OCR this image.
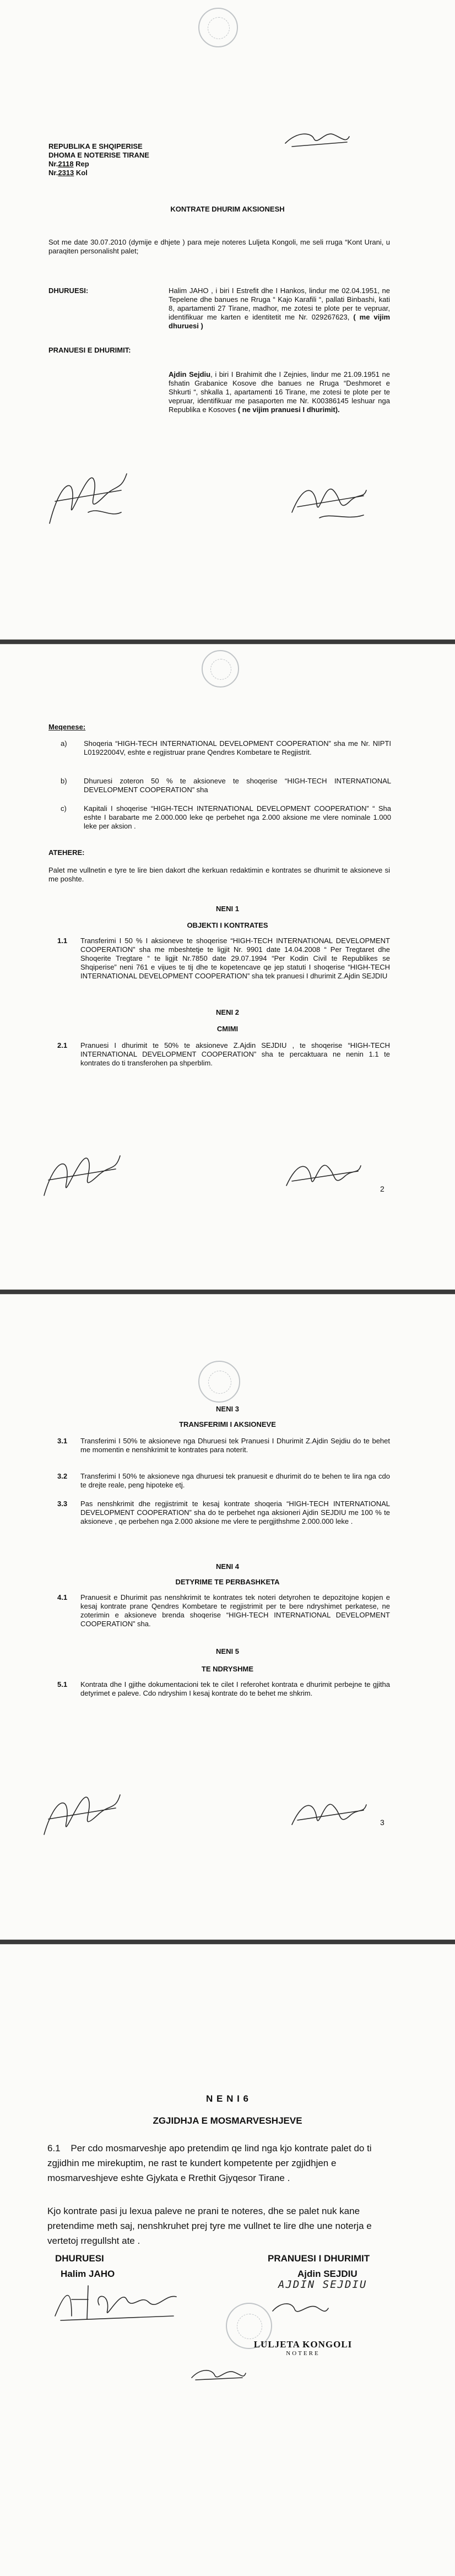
REPUBLIKA E SHQIPERISE
DHOMA E NOTERISE TIRANE
Nr.2118 Rep
Nr.2313 Kol
KONTRATE DHURIM AKSIONESH
Sot me date 30.07.2010 (dymije e dhjete ) para meje noteres Luljeta Kongoli, me seli rruga “Kont Urani, u paraqiten personalisht palet;
DHURUESI:	Halim JAHO , i biri I Estrefit dhe I Hankos, lindur me 02.04.1951, ne Tepelene dhe banues ne Rruga “ Kajo Karafili “, pallati Binbashi, kati 8, apartamenti 27 Tirane, madhor, me zotesi te plote per te vepruar, identifikuar me karten e identitetit me Nr. 029267623, ( me vijim dhuruesi )
PRANUESI E DHURIMIT:
Ajdin Sejdiu, i biri I Brahimit dhe I Zejnies, lindur me 21.09.1951 ne fshatin Grabanice Kosove dhe banues ne Rruga “Deshmoret e Shkurti “, shkalla 1, apartamenti 16 Tirane, me zotesi te plote per te vepruar, identifikuar me pasaporten me Nr. K00386145 leshuar nga Republika e Kosoves ( ne vijim pranuesi I dhurimit).
Meqenese:
a)	Shoqeria “HIGH-TECH INTERNATIONAL DEVELOPMENT COOPERATION” sha me Nr. NIPTI L01922004V, eshte e regjistruar prane Qendres Kombetare te Regjistrit.
b)	Dhuruesi zoteron 50 % te aksioneve te shoqerise “HIGH-TECH INTERNATIONAL DEVELOPMENT COOPERATION” sha
c)	Kapitali I shoqerise “HIGH-TECH INTERNATIONAL DEVELOPMENT COOPERATION” “ Sha eshte I barabarte me 2.000.000 leke qe perbehet nga 2.000 aksione me vlere nominale 1.000 leke per aksion .
ATEHERE:
Palet me vullnetin e tyre te lire bien dakort dhe kerkuan redaktimin e kontrates se dhurimit te aksioneve si me poshte.
NENI 1
OBJEKTI I KONTRATES
1.1	Transferimi I 50 % I aksioneve te shoqerise “HIGH-TECH INTERNATIONAL DEVELOPMENT COOPERATION” sha me mbeshtetje te ligjit Nr. 9901 date 14.04.2008 “ Per Tregtaret dhe Shoqerite Tregtare “ te ligjit Nr.7850 date 29.07.1994 “Per Kodin Civil te Republikes se Shqiperise” neni 761 e vijues te tij dhe te kopetencave qe jep statuti I shoqerise “HIGH-TECH INTERNATIONAL DEVELOPMENT COOPERATION” sha tek pranuesi I dhurimit Z.Ajdin SEJDIU
NENI 2
CMIMI
2.1	Pranuesi I dhurimit te 50% te aksioneve Z.Ajdin SEJDIU , te shoqerise “HIGH-TECH INTERNATIONAL DEVELOPMENT COOPERATION” sha te percaktuara ne nenin 1.1 te kontrates do ti transferohen pa shperblim.
2
NENI 3
TRANSFERIMI I AKSIONEVE
3.1	Transferimi I 50% te aksioneve nga Dhuruesi tek Pranuesi I Dhurimit Z.Ajdin Sejdiu do te behet me momentin e nenshkrimit te kontrates para noterit.
3.2	Transferimi I 50% te aksioneve nga dhuruesi tek pranuesit e dhurimit do te behen te lira nga cdo te drejte reale, peng hipoteke etj.
3.3	Pas nenshkrimit dhe regjistrimit te kesaj kontrate shoqeria “HIGH-TECH INTERNATIONAL DEVELOPMENT COOPERATION” sha do te perbehet nga aksioneri Ajdin SEJDIU me 100 % te aksioneve , qe perbehen nga 2.000 aksione me vlere te pergjithshme 2.000.000 leke .
NENI 4
DETYRIME TE PERBASHKETA
4.1	Pranuesit e Dhurimit pas nenshkrimit te kontrates tek noteri detyrohen te depozitojne kopjen e kesaj kontrate prane Qendres Kombetare te regjistrimit per te bere ndryshimet perkatese, ne zoterimin e aksioneve brenda shoqerise “HIGH-TECH INTERNATIONAL DEVELOPMENT COOPERATION” sha.
NENI 5
TE NDRYSHME
5.1	Kontrata dhe I gjithe dokumentacioni tek te cilet I referohet kontrata e dhurimit perbejne te gjitha detyrimet e paleve. Cdo ndryshim I kesaj kontrate do te behet me shkrim.
3
N E N I 6
ZGJIDHJA E MOSMARVESHJEVE
6.1 Per cdo mosmarveshje apo pretendim qe lind nga kjo kontrate palet do ti zgjidhin me mirekuptim, ne rast te kundert kompetente per zgjidhjen e mosmarveshjeve eshte Gjykata e Rrethit Gjyqesor Tirane .
Kjo kontrate pasi ju lexua paleve ne prani te noteres, dhe se palet nuk kane pretendime meth saj, nenshkruhet prej tyre me vullnet te lire dhe une noterja e vertetoj rregullsht ate .
DHURUESI
Halim JAHO
PRANUESI I DHURIMIT
Ajdin SEJDIU
AJDIN SEJDIU
LULJETA KONGOLI
NOTERE
